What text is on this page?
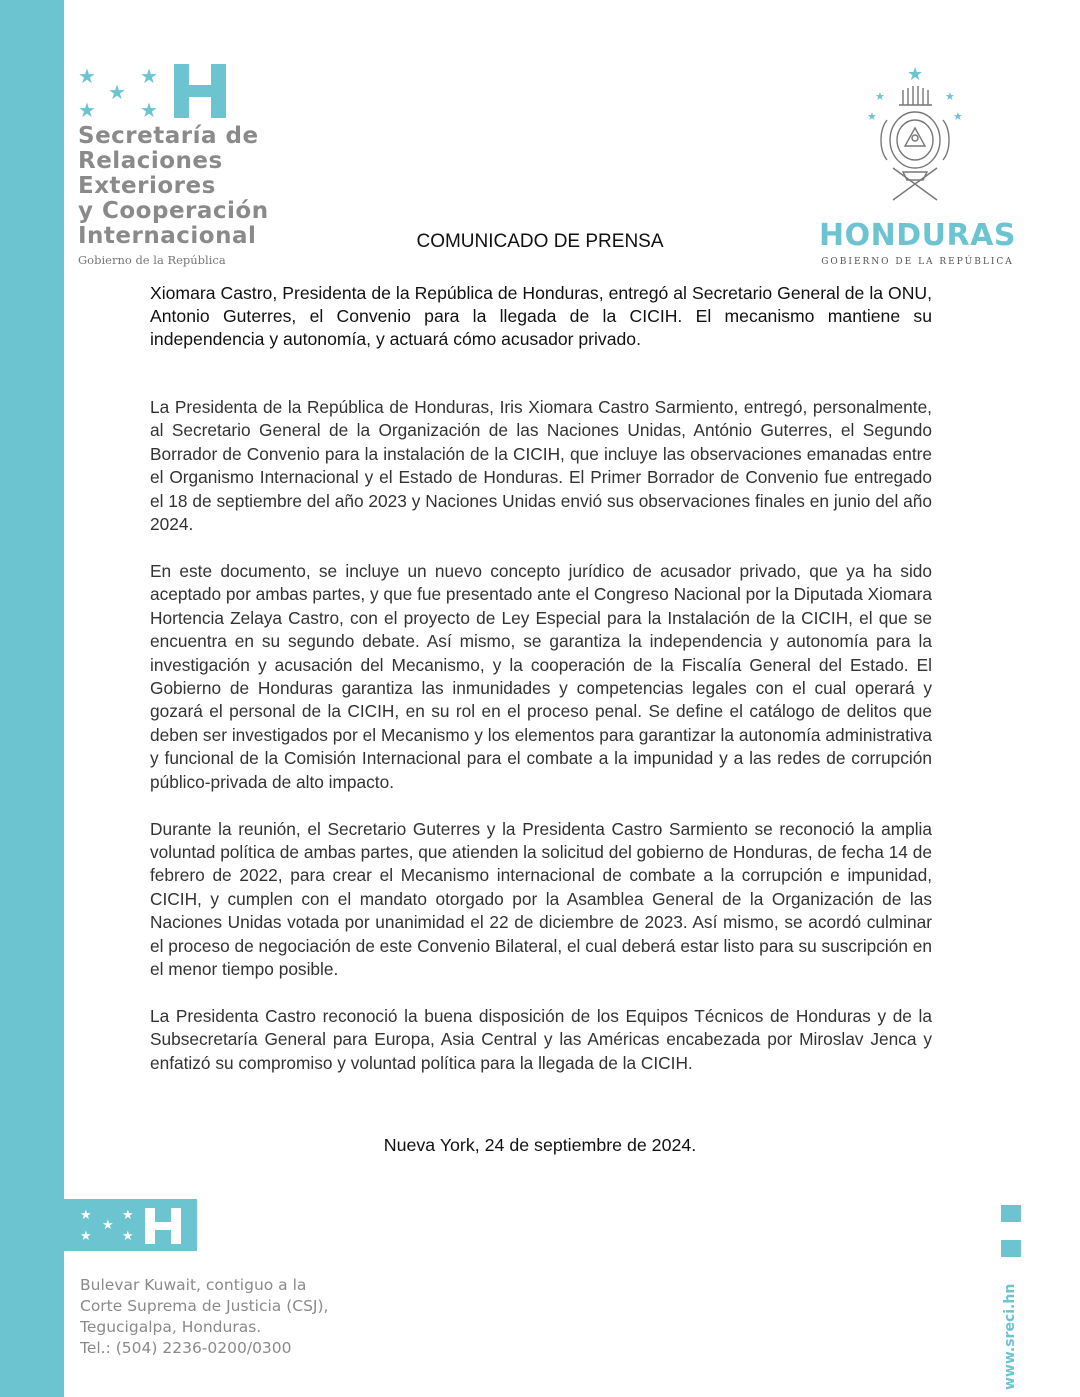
★ ★
★
★ ★
Secretaría de
Relaciones
Exteriores
y Cooperación
Internacional
Gobierno de la República
★
★	★
★	★
HONDURAS
GOBIERNO DE LA REPÚBLICA
COMUNICADO DE PRENSA
Xiomara Castro, Presidenta de la República de Honduras, entregó al Secretario General de la ONU, Antonio Guterres, el Convenio para la llegada de la CICIH. El mecanismo mantiene su independencia y autonomía, y actuará cómo acusador privado.

La Presidenta de la República de Honduras, Iris Xiomara Castro Sarmiento, entregó, personalmente, al Secretario General de la Organización de las Naciones Unidas, António Guterres, el Segundo Borrador de Convenio para la instalación de la CICIH, que incluye las observaciones emanadas entre el Organismo Internacional y el Estado de Honduras. El Primer Borrador de Convenio fue entregado el 18 de septiembre del año 2023 y Naciones Unidas envió sus observaciones finales en junio del año 2024.

En este documento, se incluye un nuevo concepto jurídico de acusador privado, que ya ha sido aceptado por ambas partes, y que fue presentado ante el Congreso Nacional por la Diputada Xiomara Hortencia Zelaya Castro, con el proyecto de Ley Especial para la Instalación de la CICIH, el que se encuentra en su segundo debate. Así mismo, se garantiza la independencia y autonomía para la investigación y acusación del Mecanismo, y la cooperación de la Fiscalía General del Estado. El Gobierno de Honduras garantiza las inmunidades y competencias legales con el cual operará y gozará el personal de la CICIH, en su rol en el proceso penal. Se define el catálogo de delitos que deben ser investigados por el Mecanismo y los elementos para garantizar la autonomía administrativa y funcional de la Comisión Internacional para el combate a la impunidad y a las redes de corrupción público-privada de alto impacto.

Durante la reunión, el Secretario Guterres y la Presidenta Castro Sarmiento se reconoció la amplia voluntad política de ambas partes, que atienden la solicitud del gobierno de Honduras, de fecha 14 de febrero de 2022, para crear el Mecanismo internacional de combate a la corrupción e impunidad, CICIH, y cumplen con el mandato otorgado por la Asamblea General de la Organización de las Naciones Unidas votada por unanimidad el 22 de diciembre de 2023. Así mismo, se acordó culminar el proceso de negociación de este Convenio Bilateral, el cual deberá estar listo para su suscripción en el menor tiempo posible.

La Presidenta Castro reconoció la buena disposición de los Equipos Técnicos de Honduras y de la Subsecretaría General para Europa, Asia Central y las Américas encabezada por Miroslav Jenca y enfatizó su compromiso y voluntad política para la llegada de la CICIH.

Nueva York, 24 de septiembre de 2024.
★ ★
★
★ ★
Bulevar Kuwait, contiguo a la
Corte Suprema de Justicia (CSJ),
Tegucigalpa, Honduras.
Tel.: (504) 2236-0200/0300	www.sreci.hn
